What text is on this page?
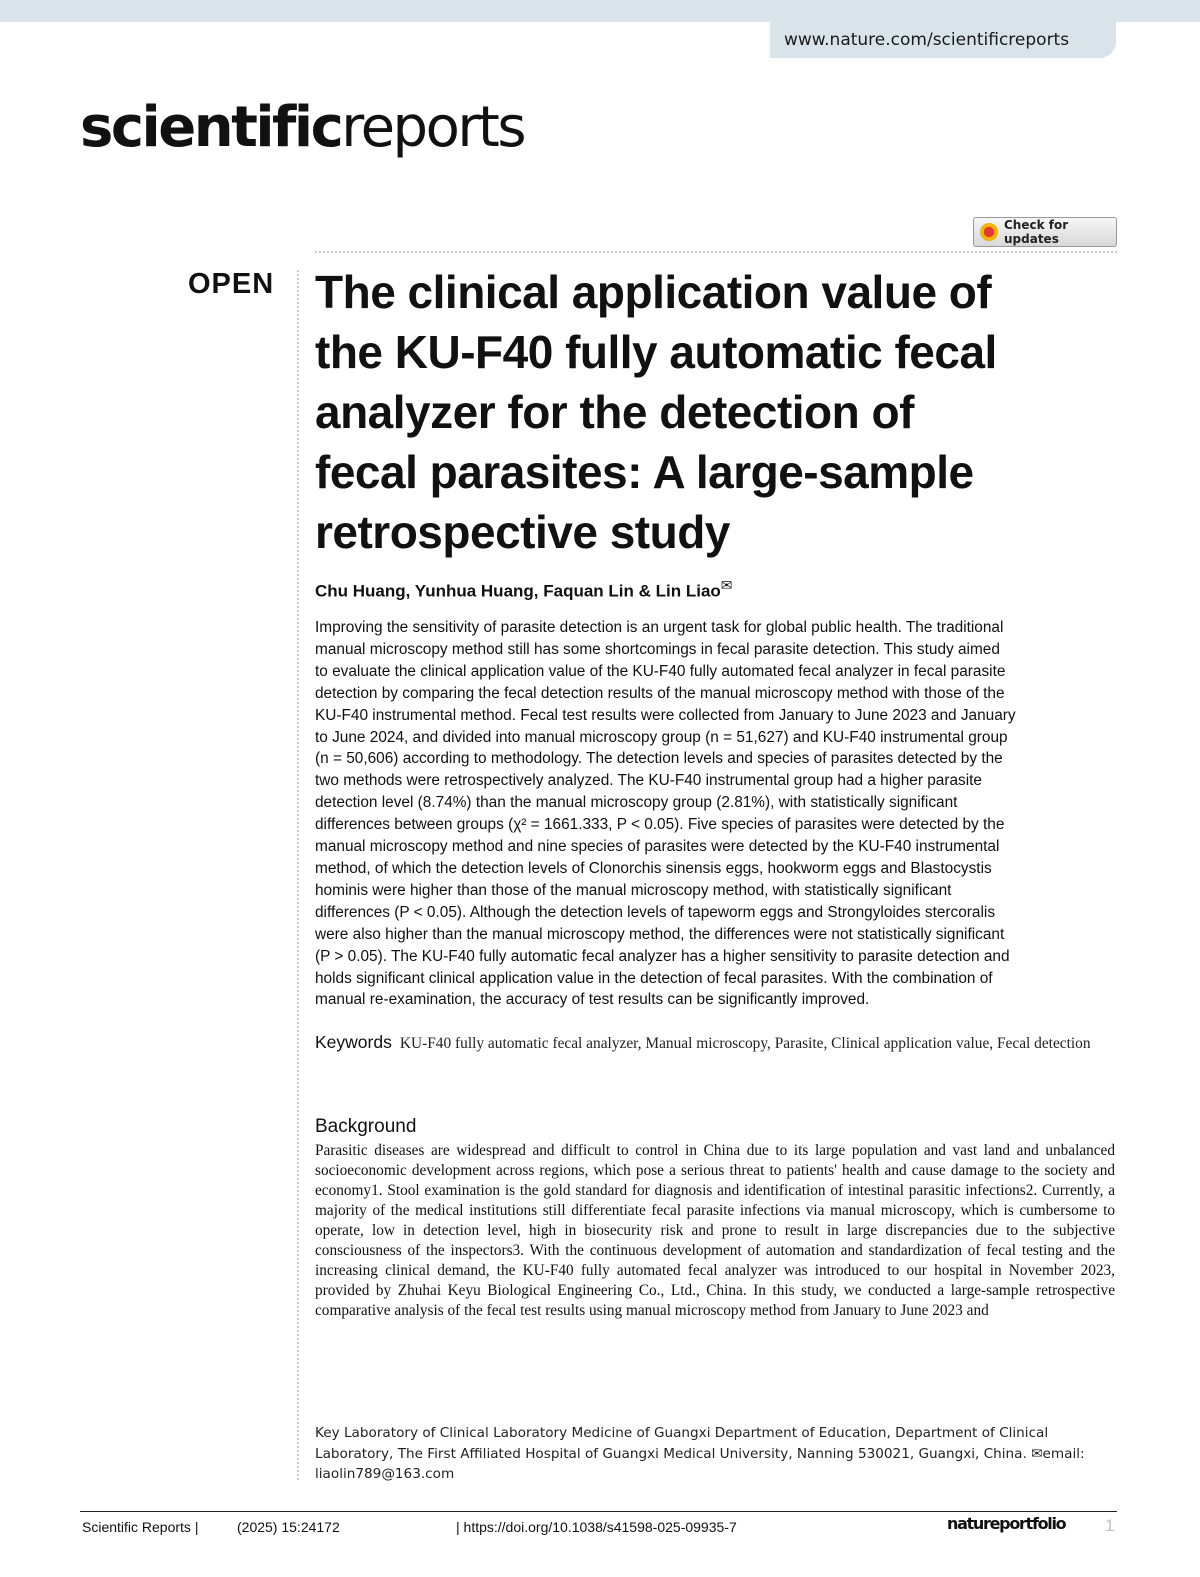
www.nature.com/scientificreports
scientificreports
Check for updates
OPEN The clinical application value of
the KU-F40 fully automatic fecal
analyzer for the detection of
fecal parasites: A large-sample
retrospective study
Chu Huang, Yunhua Huang, Faquan Lin & Lin Liao✉
Improving the sensitivity of parasite detection is an urgent task for global public health. The traditional
manual microscopy method still has some shortcomings in fecal parasite detection. This study aimed
to evaluate the clinical application value of the KU-F40 fully automated fecal analyzer in fecal parasite
detection by comparing the fecal detection results of the manual microscopy method with those of the
KU-F40 instrumental method. Fecal test results were collected from January to June 2023 and January
to June 2024, and divided into manual microscopy group (n = 51,627) and KU-F40 instrumental group
(n = 50,606) according to methodology. The detection levels and species of parasites detected by the
two methods were retrospectively analyzed. The KU-F40 instrumental group had a higher parasite
detection level (8.74%) than the manual microscopy group (2.81%), with statistically significant
differences between groups (χ² = 1661.333, P < 0.05). Five species of parasites were detected by the
manual microscopy method and nine species of parasites were detected by the KU-F40 instrumental
method, of which the detection levels of Clonorchis sinensis eggs, hookworm eggs and Blastocystis
hominis were higher than those of the manual microscopy method, with statistically significant
differences (P < 0.05). Although the detection levels of tapeworm eggs and Strongyloides stercoralis
were also higher than the manual microscopy method, the differences were not statistically significant
(P > 0.05). The KU-F40 fully automatic fecal analyzer has a higher sensitivity to parasite detection and
holds significant clinical application value in the detection of fecal parasites. With the combination of
manual re-examination, the accuracy of test results can be significantly improved.
Keywords KU-F40 fully automatic fecal analyzer, Manual microscopy, Parasite, Clinical application value, Fecal detection
Background
Parasitic diseases are widespread and difficult to control in China due to its large population and vast land and unbalanced socioeconomic development across regions, which pose a serious threat to patients' health and cause damage to the society and economy1. Stool examination is the gold standard for diagnosis and identification of intestinal parasitic infections2. Currently, a majority of the medical institutions still differentiate fecal parasite infections via manual microscopy, which is cumbersome to operate, low in detection level, high in biosecurity risk and prone to result in large discrepancies due to the subjective consciousness of the inspectors3. With the continuous development of automation and standardization of fecal testing and the increasing clinical demand, the KU-F40 fully automated fecal analyzer was introduced to our hospital in November 2023, provided by Zhuhai Keyu Biological Engineering Co., Ltd., China. In this study, we conducted a large-sample retrospective comparative analysis of the fecal test results using manual microscopy method from January to June 2023 and
Key Laboratory of Clinical Laboratory Medicine of Guangxi Department of Education, Department of Clinical Laboratory, The First Affiliated Hospital of Guangxi Medical University, Nanning 530021, Guangxi, China. ✉email: liaolin789@163.com
Scientific Reports |	(2025) 15:24172	| https://doi.org/10.1038/s41598-025-09935-7	natureportfolio 1
